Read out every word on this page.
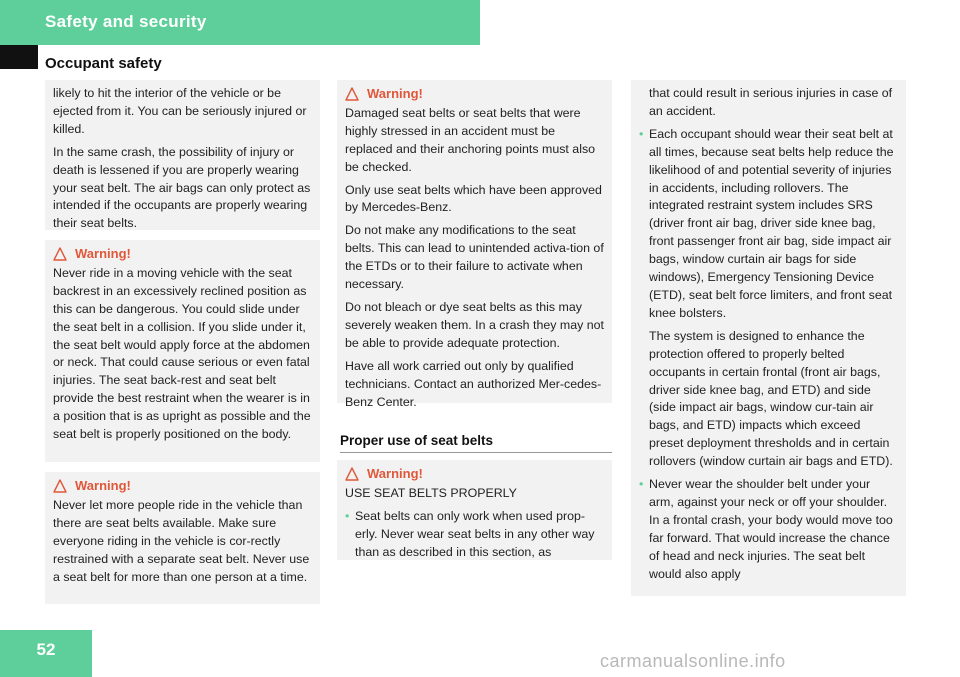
Safety and security
Occupant safety

likely to hit the interior of the vehicle or be ejected from it. You can be seriously injured or killed.

In the same crash, the possibility of injury or death is lessened if you are properly wearing your seat belt. The air bags can only protect as intended if the occupants are properly wearing their seat belts.

Warning!

Never ride in a moving vehicle with the seat backrest in an excessively reclined position as this can be dangerous. You could slide under the seat belt in a collision. If you slide under it, the seat belt would apply force at the abdomen or neck. That could cause serious or even fatal injuries. The seat back-rest and seat belt provide the best restraint when the wearer is in a position that is as upright as possible and the seat belt is properly positioned on the body.

Warning!

Never let more people ride in the vehicle than there are seat belts available. Make sure everyone riding in the vehicle is cor-rectly restrained with a separate seat belt. Never use a seat belt for more than one person at a time.

Warning!

Damaged seat belts or seat belts that were highly stressed in an accident must be replaced and their anchoring points must also be checked.

Only use seat belts which have been approved by Mercedes-Benz.

Do not make any modifications to the seat belts. This can lead to unintended activa-tion of the ETDs or to their failure to activate when necessary.

Do not bleach or dye seat belts as this may severely weaken them. In a crash they may not be able to provide adequate protection.

Have all work carried out only by qualified technicians. Contact an authorized Mer-cedes-Benz Center.

Proper use of seat belts
Warning!

USE SEAT BELTS PROPERLY

• Seat belts can only work when used prop-erly. Never wear seat belts in any other way than as described in this section, as

that could result in serious injuries in case of an accident.

• Each occupant should wear their seat belt at all times, because seat belts help reduce the likelihood of and potential severity of injuries in accidents, including rollovers. The integrated restraint system includes SRS (driver front air bag, driver side knee bag, front passenger front air bag, side impact air bags, window curtain air bags for side windows), Emergency Tensioning Device (ETD), seat belt force limiters, and front seat knee bolsters.

The system is designed to enhance the protection offered to properly belted occupants in certain frontal (front air bags, driver side knee bag, and ETD) and side (side impact air bags, window cur-tain air bags, and ETD) impacts which exceed preset deployment thresholds and in certain rollovers (window curtain air bags and ETD).

• Never wear the shoulder belt under your arm, against your neck or off your shoulder. In a frontal crash, your body would move too far forward. That would increase the chance of head and neck injuries. The seat belt would also apply

52
carmanualsonline.info
